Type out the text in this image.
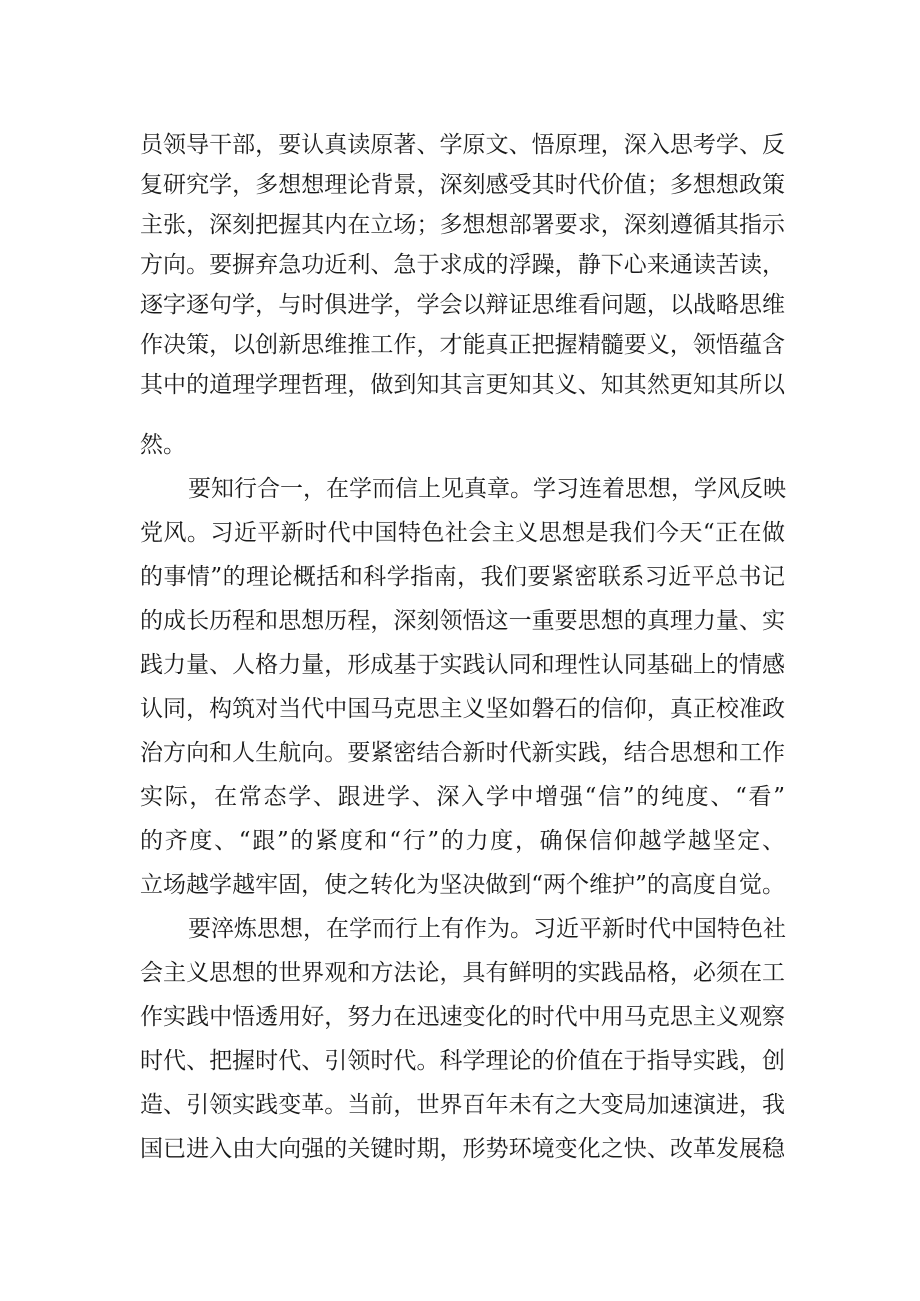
员领导干部，要认真读原著、学原文、悟原理，深入思考学、反
复研究学，多想想理论背景，深刻感受其时代价值；多想想政策
主张，深刻把握其内在立场；多想想部署要求，深刻遵循其指示
方向。要摒弃急功近利、急于求成的浮躁，静下心来通读苦读，
逐字逐句学，与时俱进学，学会以辩证思维看问题，以战略思维
作决策，以创新思维推工作，才能真正把握精髓要义，领悟蕴含
其中的道理学理哲理，做到知其言更知其义、知其然更知其所以
然。
要知行合一，在学而信上见真章。学习连着思想，学风反映
党风。习近平新时代中国特色社会主义思想是我们今天“正在做
的事情”的理论概括和科学指南，我们要紧密联系习近平总书记
的成长历程和思想历程，深刻领悟这一重要思想的真理力量、实
践力量、人格力量，形成基于实践认同和理性认同基础上的情感
认同，构筑对当代中国马克思主义坚如磐石的信仰，真正校准政
治方向和人生航向。要紧密结合新时代新实践，结合思想和工作
实际，在常态学、跟进学、深入学中增强“信”的纯度、“看”
的齐度、“跟”的紧度和“行”的力度，确保信仰越学越坚定、
立场越学越牢固，使之转化为坚决做到“两个维护”的高度自觉。
要淬炼思想，在学而行上有作为。习近平新时代中国特色社
会主义思想的世界观和方法论，具有鲜明的实践品格，必须在工
作实践中悟透用好，努力在迅速变化的时代中用马克思主义观察
时代、把握时代、引领时代。科学理论的价值在于指导实践，创
造、引领实践变革。当前，世界百年未有之大变局加速演进，我
国已进入由大向强的关键时期，形势环境变化之快、改革发展稳
